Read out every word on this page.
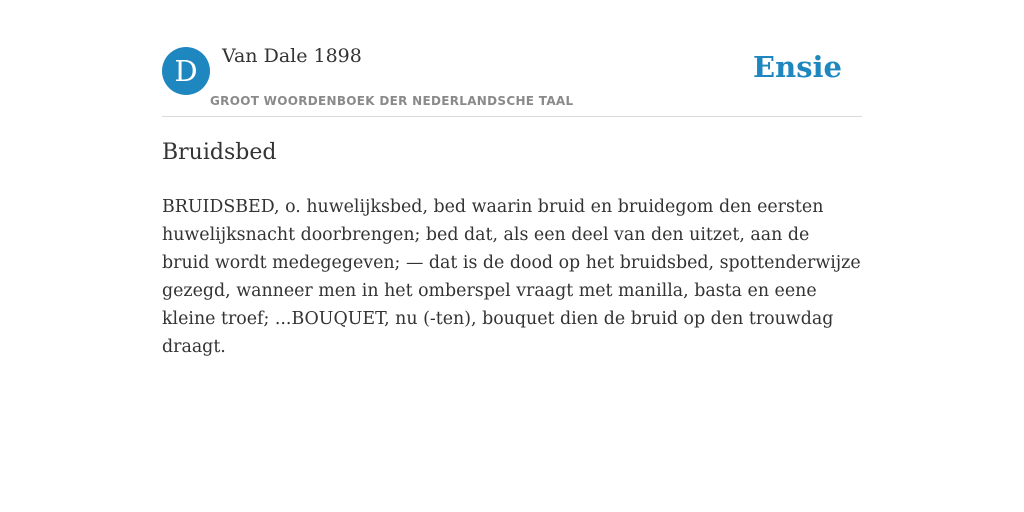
D	Van Dale 1898
GROOT WOORDENBOEK DER NEDERLANDSCHE TAAL
Ensie
Bruidsbed

BRUIDSBED, o. huwelijksbed, bed waarin bruid en bruidegom den eersten huwelijksnacht doorbrengen; bed dat, als een deel van den uitzet, aan de bruid wordt medegegeven; — dat is de dood op het bruidsbed, spottenderwijze gezegd, wanneer men in het omberspel vraagt met manilla, basta en eene kleine troef; ...BOUQUET, nu (-ten), bouquet dien de bruid op den trouwdag draagt.
